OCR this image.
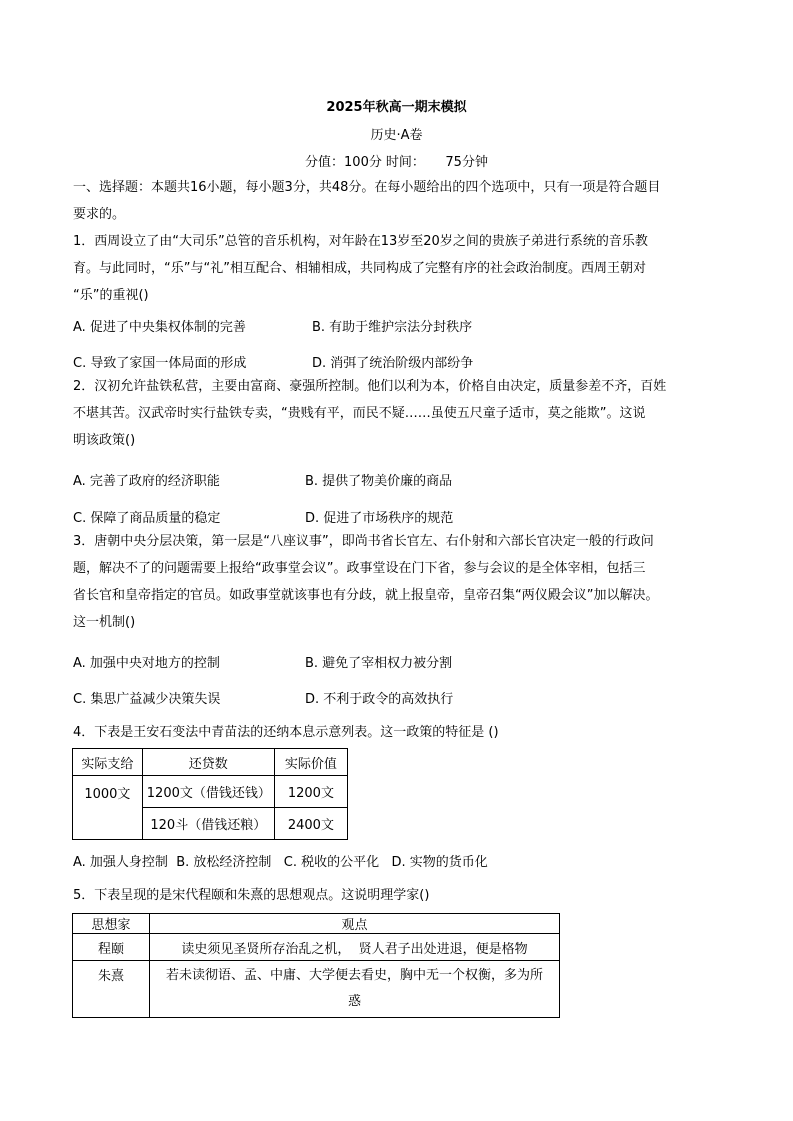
2025年秋高一期末模拟
历史·A卷
分值：100分 时间： 75分钟
一、选择题：本题共16小题，每小题3分，共48分。在每小题给出的四个选项中，只有一项是符合题目
要求的。
1．西周设立了由“大司乐”总管的音乐机构，对年龄在13岁至20岁之间的贵族子弟进行系统的音乐教
育。与此同时，“乐”与“礼”相互配合、相辅相成，共同构成了完整有序的社会政治制度。西周王朝对
“乐”的重视()
A. 促进了中央集权体制的完善	B. 有助于维护宗法分封秩序
C. 导致了家国一体局面的形成	D. 消弭了统治阶级内部纷争
2．汉初允许盐铁私营，主要由富商、豪强所控制。他们以利为本，价格自由决定，质量参差不齐，百姓
不堪其苦。汉武帝时实行盐铁专卖，“贵贱有平，而民不疑……虽使五尺童子适市，莫之能欺”。这说
明该政策()
A. 完善了政府的经济职能	B. 提供了物美价廉的商品
C. 保障了商品质量的稳定	D. 促进了市场秩序的规范
3．唐朝中央分层决策，第一层是“八座议事”，即尚书省长官左、右仆射和六部长官决定一般的行政问
题，解决不了的问题需要上报给“政事堂会议”。政事堂设在门下省，参与会议的是全体宰相，包括三
省长官和皇帝指定的官员。如政事堂就该事也有分歧，就上报皇帝，皇帝召集“两仪殿会议”加以解决。
这一机制()
A. 加强中央对地方的控制	B. 避免了宰相权力被分割
C. 集思广益减少决策失误	D. 不利于政令的高效执行
4．下表是王安石变法中青苗法的还纳本息示意列表。这一政策的特征是 ()
实际支给	还贷数	实际价值
1000文	1200文（借钱还钱）	1200文
	120斗（借钱还粮）	2400文
A. 加强人身控制  B. 放松经济控制   C. 税收的公平化   D. 实物的货币化
5．下表呈现的是宋代程颐和朱熹的思想观点。这说明理学家()
思想家	观点
程颐	读史须见圣贤所存治乱之机，  贤人君子出处进退，便是格物
朱熹	若未读彻语、孟、中庸、大学便去看史，胸中无一个权衡，多为所
惑
